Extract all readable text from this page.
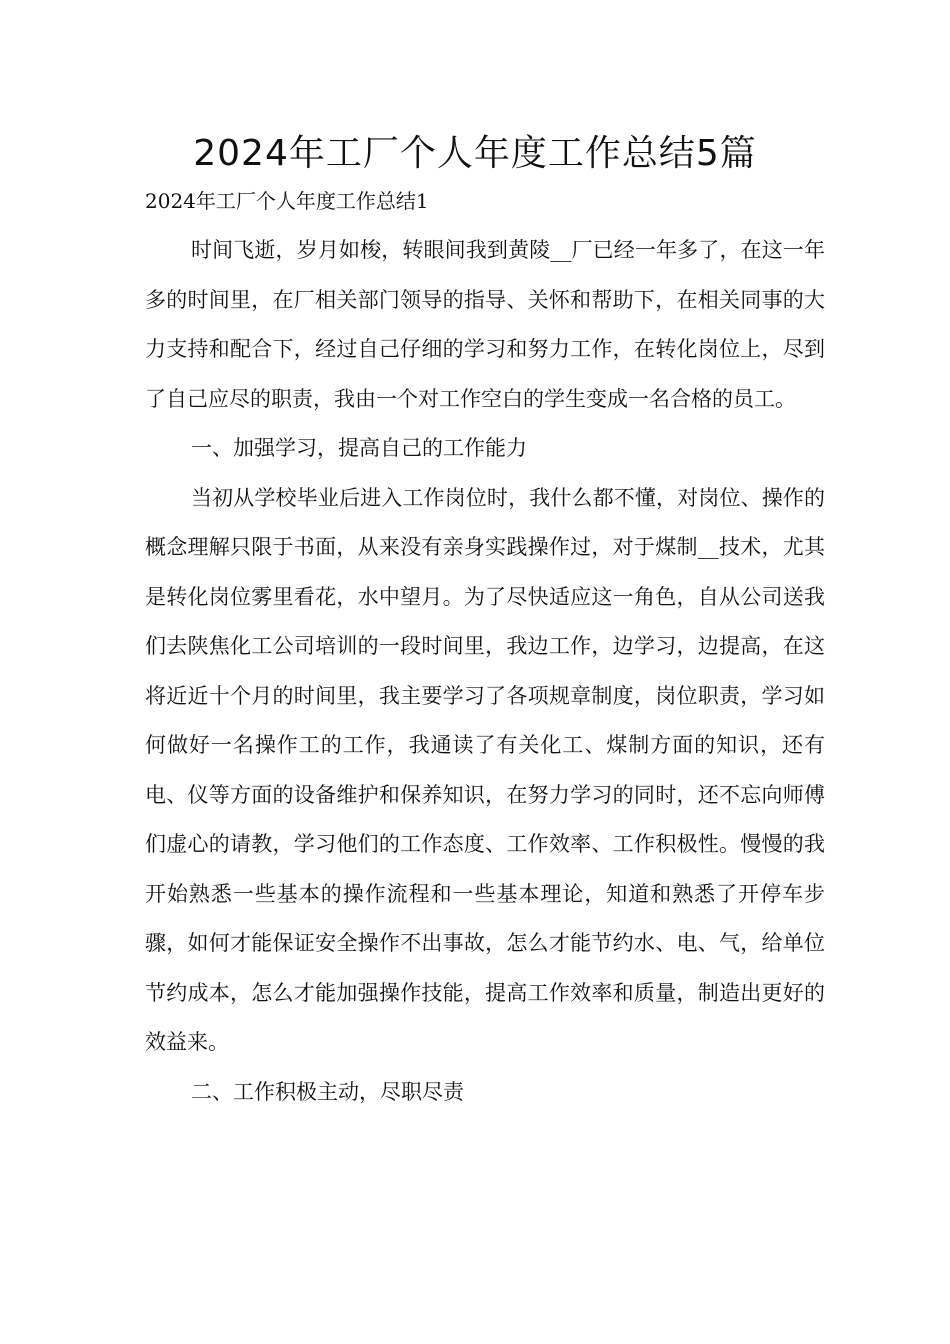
2024年工厂个人年度工作总结5篇

2024年工厂个人年度工作总结1

时间飞逝，岁月如梭，转眼间我到黄陵__厂已经一年多了，在这一年多的时间里，在厂相关部门领导的指导、关怀和帮助下，在相关同事的大力支持和配合下，经过自己仔细的学习和努力工作，在转化岗位上，尽到了自己应尽的职责，我由一个对工作空白的学生变成一名合格的员工。

一、加强学习，提高自己的工作能力

当初从学校毕业后进入工作岗位时，我什么都不懂，对岗位、操作的概念理解只限于书面，从来没有亲身实践操作过，对于煤制__技术，尤其是转化岗位雾里看花，水中望月。为了尽快适应这一角色，自从公司送我们去陕焦化工公司培训的一段时间里，我边工作，边学习，边提高，在这将近近十个月的时间里，我主要学习了各项规章制度，岗位职责，学习如何做好一名操作工的工作，我通读了有关化工、煤制方面的知识，还有电、仪等方面的设备维护和保养知识，在努力学习的同时，还不忘向师傅们虚心的请教，学习他们的工作态度、工作效率、工作积极性。慢慢的我开始熟悉一些基本的操作流程和一些基本理论，知道和熟悉了开停车步骤，如何才能保证安全操作不出事故，怎么才能节约水、电、气，给单位节约成本，怎么才能加强操作技能，提高工作效率和质量，制造出更好的效益来。

二、工作积极主动，尽职尽责
